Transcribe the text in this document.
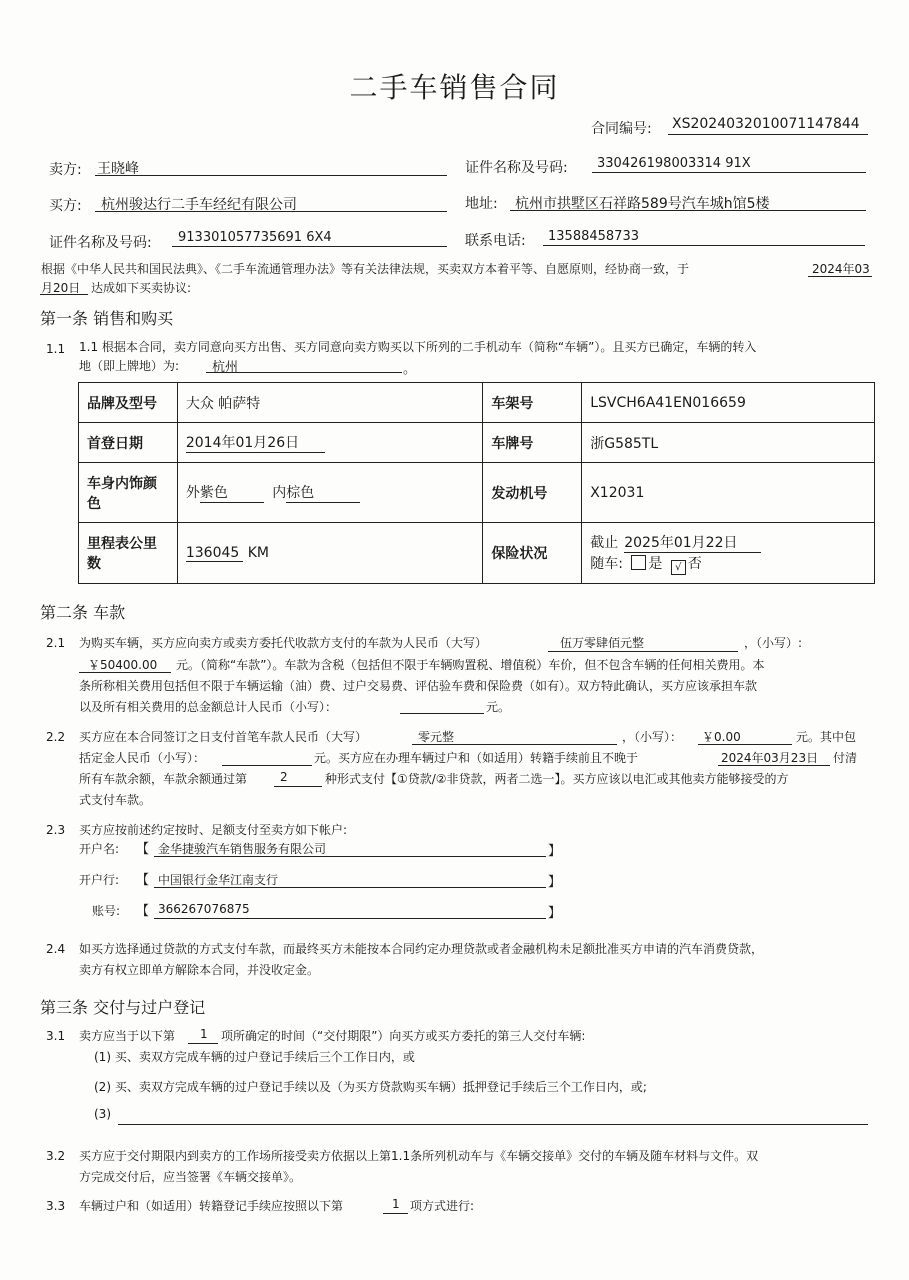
二手车销售合同
合同编号: XS2024032010071147844
卖方: 王晓峰	证件名称及号码: 330426198003314 91X
买方: 杭州骏达行二手车经纪有限公司	地址: 杭州市拱墅区石祥路589号汽车城h馆5楼
证件名称及号码: 913301057735691 6X4	联系电话: 13588458733
根据《中华人民共和国民法典》、《二手车流通管理办法》等有关法律法规，买卖双方本着平等、自愿原则，经协商一致，于	2024年03
月20日 达成如下买卖协议:
第一条 销售和购买
1.1 1.1 根据本合同，卖方同意向买方出售、买方同意向卖方购买以下所列的二手机动车（简称“车辆”）。且买方已确定，车辆的转入
地（即上牌地）为:	杭州	。
品牌及型号	大众 帕萨特	车架号	LSVCH6A41EN016659
首登日期	2014年01月26日	车牌号	浙G585TL
车身内饰颜色	外紫色 内棕色	发动机号	X12031
里程表公里数	136045 KM	保险状况	截止 2025年01月22日
随车: 是 √ 否
第二条 车款
2.1 为购买车辆，买方应向卖方或卖方委托代收款方支付的车款为人民币（大写）	伍万零肆佰元整	，（小写）:
￥50400.00 元。（简称“车款”）。车款为含税（包括但不限于车辆购置税、增值税）车价，但不包含车辆的任何相关费用。本
条所称相关费用包括但不限于车辆运输（油）费、过户交易费、评估验车费和保险费（如有）。双方特此确认，买方应该承担车款
以及所有相关费用的总金额总计人民币（小写）：	元。
2.2 买方应在本合同签订之日支付首笔车款人民币（大写）	零元整	，（小写）： ￥0.00	元。其中包
括定金人民币（小写）：	元。买方应在办理车辆过户和（如适用）转籍手续前且不晚于	2024年03月23日 付清
所有车款余额，车款余额通过第	2	种形式支付【①贷款/②非贷款，两者二选一】。买方应该以电汇或其他卖方能够接受的方
式支付车款。
2.3 买方应按前述约定按时、足额支付至卖方如下帐户:
开户名: 【 金华捷骏汽车销售服务有限公司	】
开户行: 【 中国银行金华江南支行	】
账号: 【 366267076875	】
2.4 如买方选择通过贷款的方式支付车款，而最终买方未能按本合同约定办理贷款或者金融机构未足额批准买方申请的汽车消费贷款，
卖方有权立即单方解除本合同，并没收定金。
第三条 交付与过户登记
3.1 卖方应当于以下第 1 项所确定的时间（“交付期限”）向买方或买方委托的第三人交付车辆:
(1) 买、卖双方完成车辆的过户登记手续后三个工作日内，或
(2) 买、卖双方完成车辆的过户登记手续以及（为买方贷款购买车辆）抵押登记手续后三个工作日内，或;
(3)
3.2 买方应于交付期限内到卖方的工作场所接受卖方依据以上第1.1条所列机动车与《车辆交接单》交付的车辆及随车材料与文件。双
方完成交付后，应当签署《车辆交接单》。
3.3 车辆过户和（如适用）转籍登记手续应按照以下第	1 项方式进行:
